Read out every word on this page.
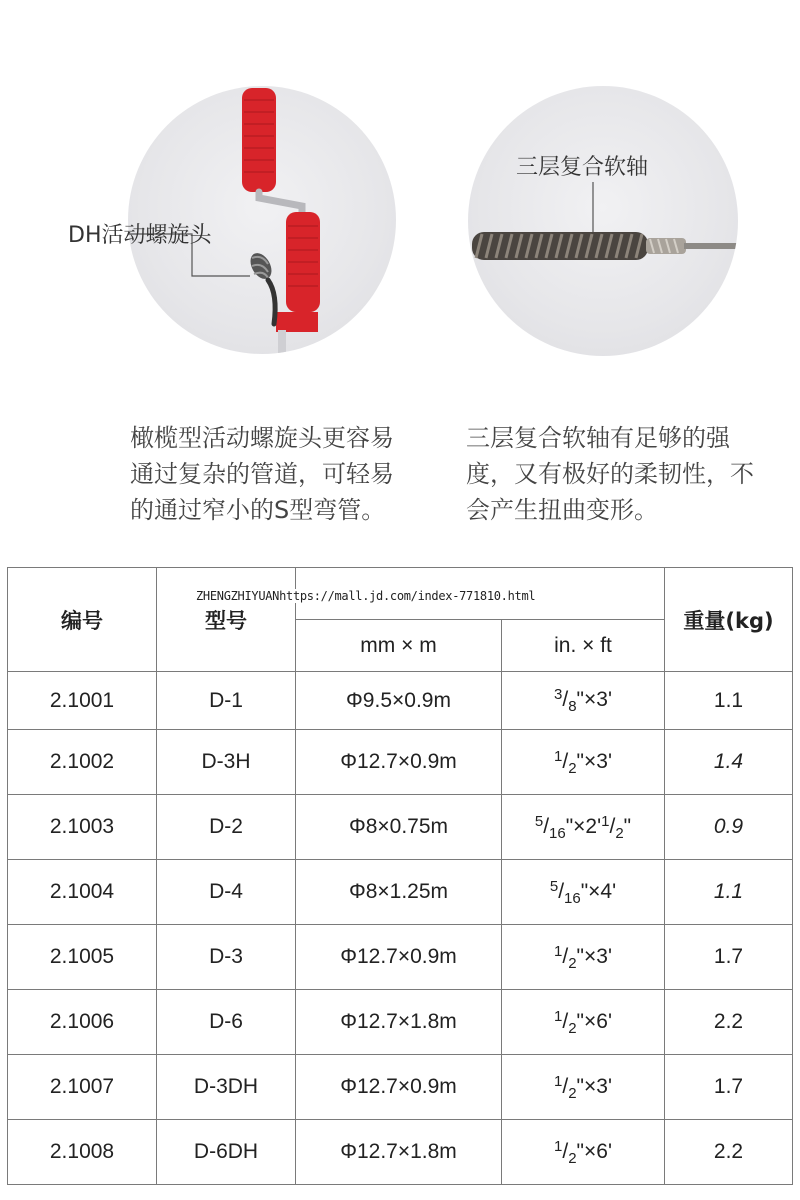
DH活动螺旋头
三层复合软轴
橄榄型活动螺旋头更容易
通过复杂的管道，可轻易
的通过窄小的S型弯管。
三层复合软轴有足够的强
度，又有极好的柔韧性，不
会产生扭曲变形。
ZHENGZHIYUANhttps://mall.jd.com/index-771810.html
编号	型号			重量(kg)
		mm × m	in. × ft	
2.1001	D-1	Φ9.5×0.9m	$^3/_8"\times 3'$	1.1
2.1002	D-3H	Φ12.7×0.9m	$^1/_2"\times 3'$	1.4
2.1003	D-2	Φ8×0.75m	$^5/_{16}"\times 2'^1/_2$"	0.9
2.1004	D-4	Φ8×1.25m	$^5/_{16}"\times 4'$	1.1
2.1005	D-3	Φ12.7×0.9m	$^1/_2"\times 3'$	1.7
2.1006	D-6	Φ12.7×1.8m	$^1/_2"\times 6'$	2.2
2.1007	D-3DH	Φ12.7×0.9m	$^1/_2"\times 3'$	1.7
2.1008	D-6DH	Φ12.7×1.8m	$^1/_2"\times 6'$	2.2
